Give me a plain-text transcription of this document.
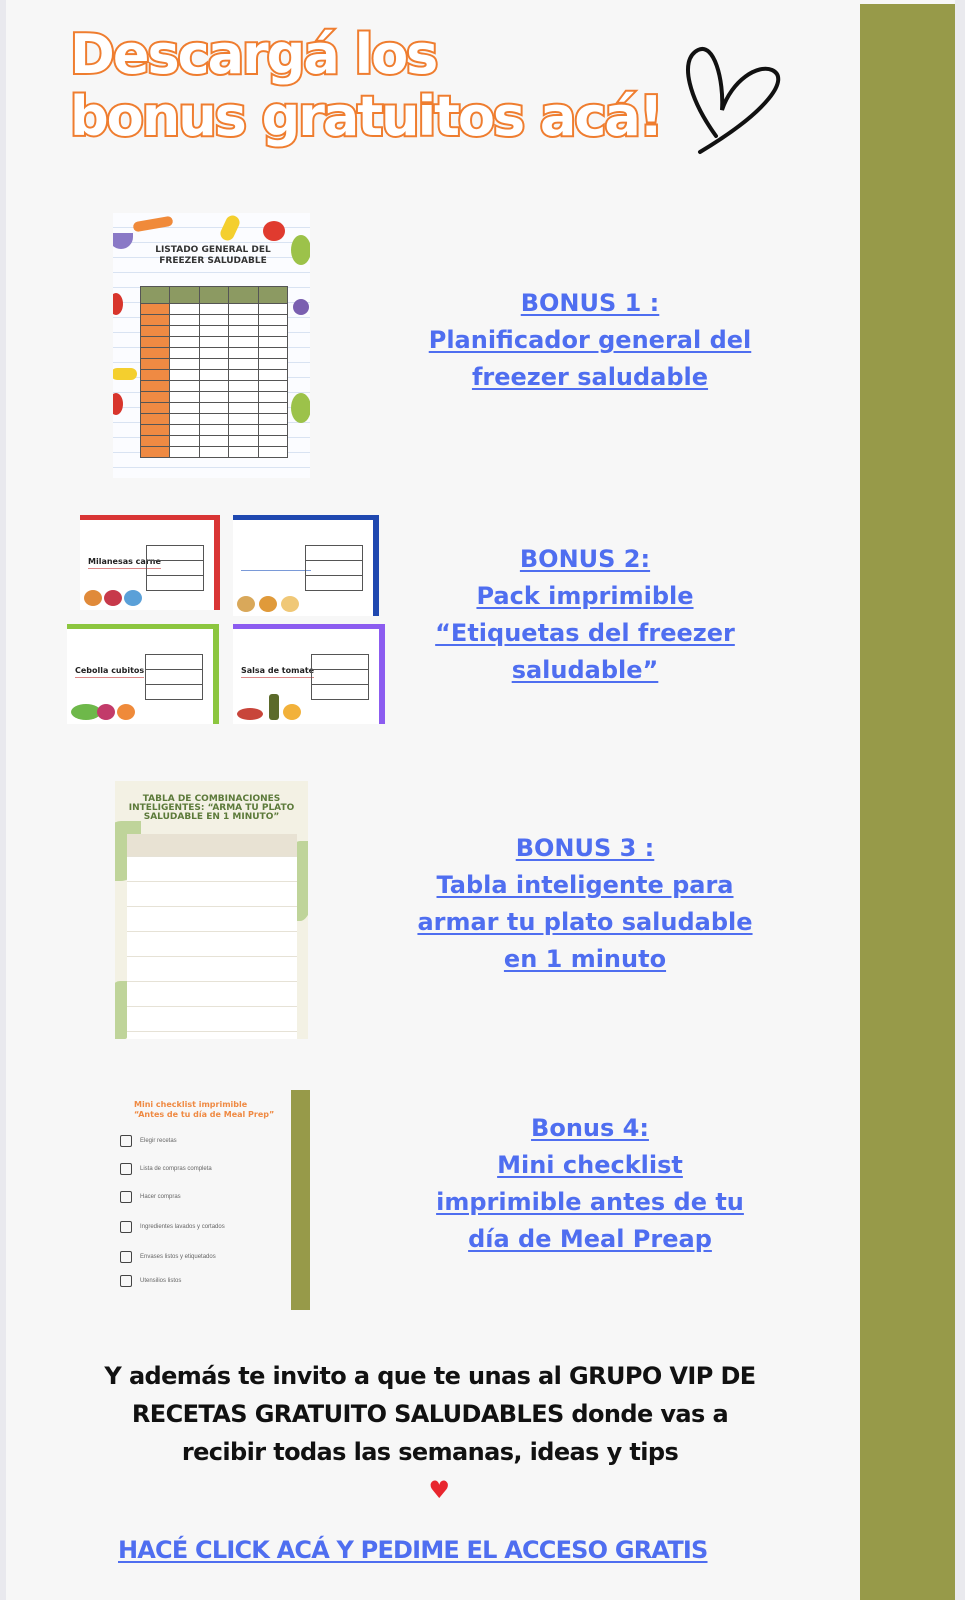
Descargá los
bonus gratuitos acá!
LISTADO GENERAL DEL
FREEZER SALUDABLE

BONUS 1 :
Planificador general del
freezer saludable
Milanesas carne
Cebolla cubitos	Salsa de tomate
BONUS 2:
Pack imprimible
“Etiquetas del freezer
saludable”
TABLA DE COMBINACIONES
INTELIGENTES: “ARMA TU PLATO
SALUDABLE EN 1 MINUTO”
BONUS 3 :
Tabla inteligente para
armar tu plato saludable
en 1 minuto
Mini checklist imprimible
“Antes de tu día de Meal Prep”
Elegir recetas
Lista de compras completa
Hacer compras
Ingredientes lavados y cortados
Envases listos y etiquetados
Utensilios listos
Bonus 4:
Mini checklist
imprimible antes de tu
día de Meal Preap
Y además te invito a que te unas al GRUPO VIP DE
RECETAS GRATUITO SALUDABLES donde vas a
recibir todas las semanas, ideas y tips
♥
HACÉ CLICK ACÁ Y PEDIME EL ACCESO GRATIS
